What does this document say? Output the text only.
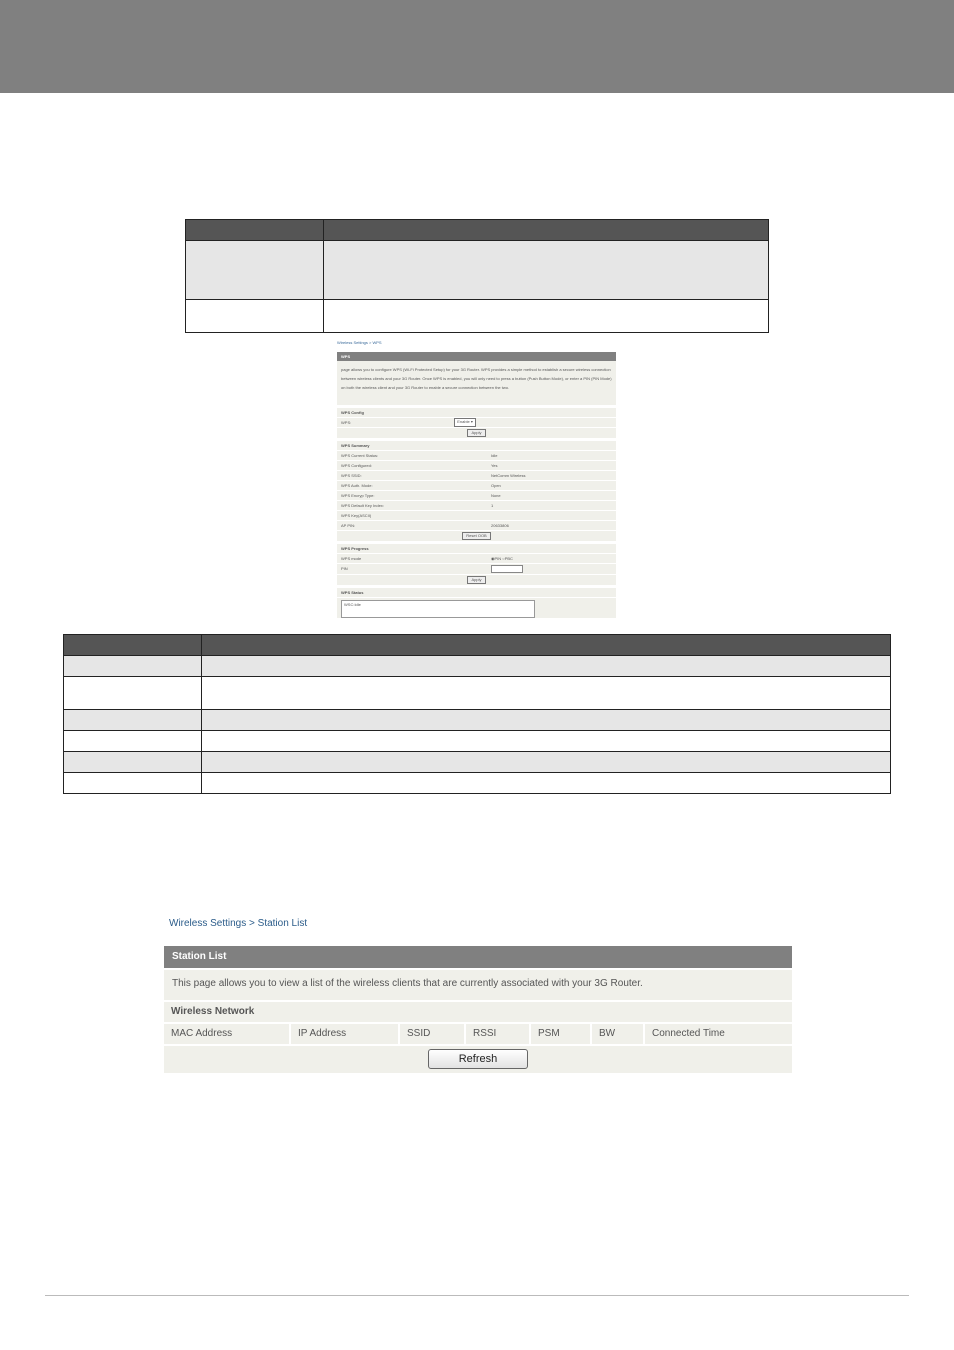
Wireless Settings > WPS
WPS
page allows you to configure WPS (Wi-Fi Protected Setup) for your 3G Router. WPS provides a simple method to establish a secure wireless connection between wireless clients and your 3G Router. Once WPS is enabled, you will only need to press a button (Push Button Mode), or enter a PIN (PIN Mode) on both the wireless client and your 3G Router to enable a secure connection between the two.
WPS Config
WPS:	Enable ▾
Apply
WPS Summary
WPS Current Status:	Idle
WPS Configured:	Yes
WPS SSID:	NetComm Wireless
WPS Auth. Mode:	Open
WPS Encryp Type:	None
WPS Default Key Index:	1
WPS Key(ASCII)
AP PIN:	20633806
Reset OOB
WPS Progress
WPS mode	◉PIN ○PBC
PIN
Apply
WPS Status
WSC:Idle

Wireless Settings > Station List
Station List
This page allows you to view a list of the wireless clients that are currently associated with your 3G Router.
Wireless Network
MAC Address	IP Address	SSID	RSSI	PSM	BW	Connected Time
Refresh
